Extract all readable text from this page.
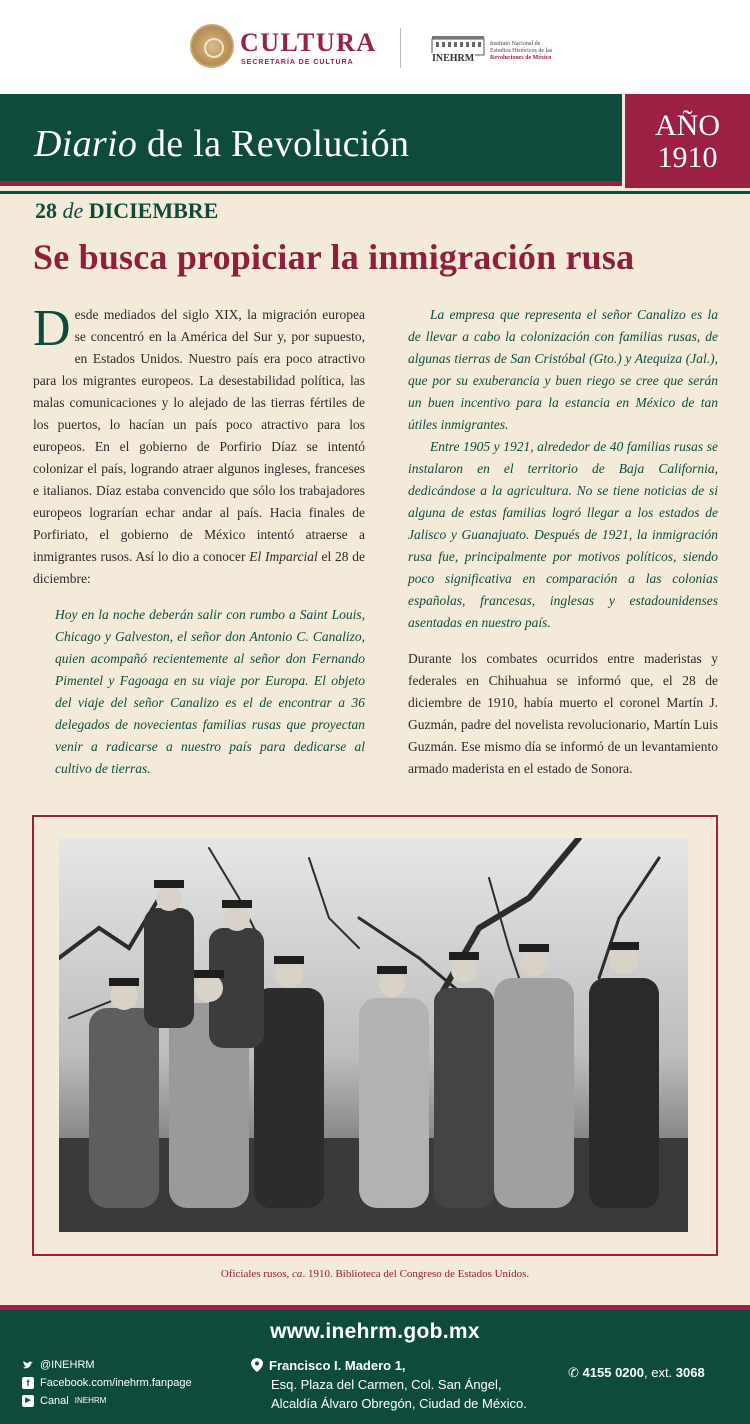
CULTURA
SECRETARÍA DE CULTURA	INEHRM
Instituto Nacional de
Estudios Históricos de las
Revoluciones de México
Diario de la Revolución	AÑO
1910
28 de DICIEMBRE
Se busca propiciar la inmigración rusa

Desde mediados del siglo XIX, la migración europea se concentró en la América del Sur y, por supuesto, en Estados Unidos. Nuestro país era poco atractivo para los migrantes europeos. La desestabilidad política, las malas comunicaciones y lo alejado de las tierras fértiles de los puertos, lo hacían un país poco atractivo para los europeos. En el gobierno de Porfirio Díaz se intentó colonizar el país, logrando atraer algunos ingleses, franceses e italianos. Díaz estaba convencido que sólo los trabajadores europeos lograrían echar andar al país. Hacia finales de Porfiriato, el gobierno de México intentó atraerse a inmigrantes rusos. Así lo dio a conocer El Imparcial el 28 de diciembre:

Hoy en la noche deberán salir con rumbo a Saint Louis, Chicago y Galveston, el señor don Antonio C. Canalizo, quien acompañó recientemente al señor don Fernando Pimentel y Fagoaga en su viaje por Europa. El objeto del viaje del señor Canalizo es el de encontrar a 36 delegados de novecientas familias rusas que proyectan venir a radicarse a nuestro país para dedicarse al cultivo de tierras.

La empresa que representa el señor Canalizo es la de llevar a cabo la colonización con familias rusas, de algunas tierras de San Cristóbal (Gto.) y Atequiza (Jal.), que por su exuberancia y buen riego se cree que serán un buen incentivo para la estancia en México de tan útiles inmigrantes.

Entre 1905 y 1921, alrededor de 40 familias rusas se instalaron en el territorio de Baja California, dedicándose a la agricultura. No se tiene noticias de si alguna de estas familias logró llegar a los estados de Jalisco y Guanajuato. Después de 1921, la inmigración rusa fue, principalmente por motivos políticos, siendo poco significativa en comparación a las colonias españolas, francesas, inglesas y estadounidenses asentadas en nuestro país.

Durante los combates ocurridos entre maderistas y federales en Chihuahua se informó que, el 28 de diciembre de 1910, había muerto el coronel Martín J. Guzmán, padre del novelista revolucionario, Martín Luis Guzmán. Ese mismo día se informó de un levantamiento armado maderista en el estado de Sonora.

Oficiales rusos, ca. 1910. Biblioteca del Congreso de Estados Unidos.
www.inehrm.gob.mx
@INEHRM
f Facebook.com/inehrm.fanpage
▶ Canal INEHRM
Francisco I. Madero 1,
Esq. Plaza del Carmen, Col. San Ángel,
Alcaldía Álvaro Obregón, Ciudad de México.
✆ 4155 0200, ext. 3068
